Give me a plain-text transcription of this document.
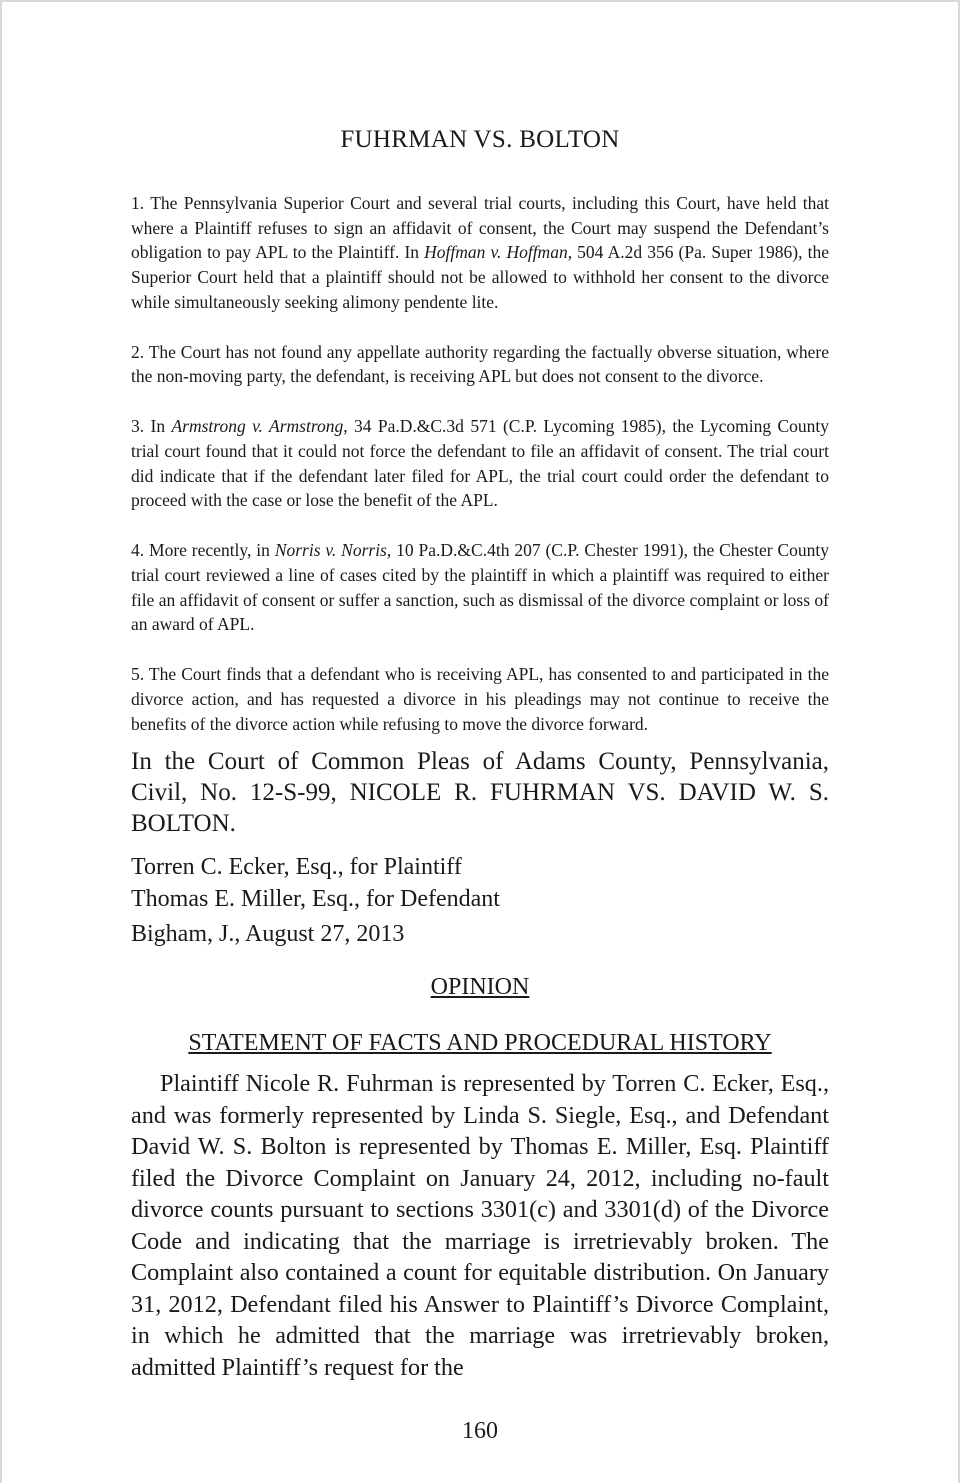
FUHRMAN VS. BOLTON

1. The Pennsylvania Superior Court and several trial courts, including this Court, have held that where a Plaintiff refuses to sign an affidavit of consent, the Court may suspend the Defendant’s obligation to pay APL to the Plaintiff. In Hoffman v. Hoffman, 504 A.2d 356 (Pa. Super 1986), the Superior Court held that a plaintiff should not be allowed to withhold her consent to the divorce while simultaneously seeking alimony pendente lite.

2. The Court has not found any appellate authority regarding the factually obverse situation, where the non-moving party, the defendant, is receiving APL but does not consent to the divorce.

3. In Armstrong v. Armstrong, 34 Pa.D.&C.3d 571 (C.P. Lycoming 1985), the Lycoming County trial court found that it could not force the defendant to file an affidavit of consent. The trial court did indicate that if the defendant later filed for APL, the trial court could order the defendant to proceed with the case or lose the benefit of the APL.

4. More recently, in Norris v. Norris, 10 Pa.D.&C.4th 207 (C.P. Chester 1991), the Chester County trial court reviewed a line of cases cited by the plaintiff in which a plaintiff was required to either file an affidavit of consent or suffer a sanction, such as dismissal of the divorce complaint or loss of an award of APL.

5. The Court finds that a defendant who is receiving APL, has consented to and participated in the divorce action, and has requested a divorce in his pleadings may not continue to receive the benefits of the divorce action while refusing to move the divorce forward.

In the Court of Common Pleas of Adams County, Pennsylvania, Civil, No. 12-S-99, NICOLE R. FUHRMAN VS. DAVID W. S. BOLTON.

Torren C. Ecker, Esq., for Plaintiff

Thomas E. Miller, Esq., for Defendant

Bigham, J., August 27, 2013

OPINION
STATEMENT OF FACTS AND PROCEDURAL HISTORY

Plaintiff Nicole R. Fuhrman is represented by Torren C. Ecker, Esq., and was formerly represented by Linda S. Siegle, Esq., and Defendant David W. S. Bolton is represented by Thomas E. Miller, Esq. Plaintiff filed the Divorce Complaint on January 24, 2012, including no-fault divorce counts pursuant to sections 3301(c) and 3301(d) of the Divorce Code and indicating that the marriage is irretrievably broken. The Complaint also contained a count for equitable distribution. On January 31, 2012, Defendant filed his Answer to Plaintiff’s Divorce Complaint, in which he admitted that the marriage was irretrievably broken, admitted Plaintiff’s request for the

160
